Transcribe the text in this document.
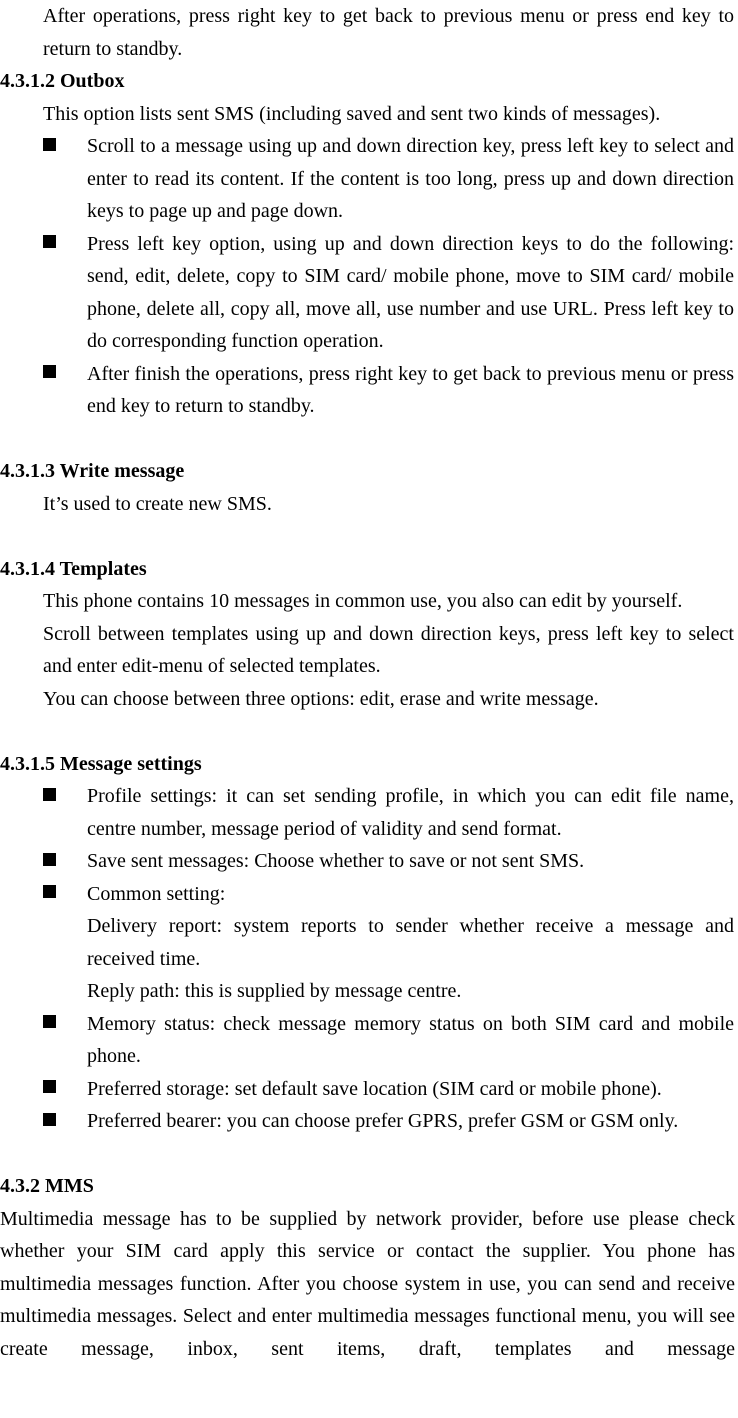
After operations, press right key to get back to previous menu or press end key to return to standby.

4.3.1.2 Outbox

This option lists sent SMS (including saved and sent two kinds of messages).

Scroll to a message using up and down direction key, press left key to select and enter to read its content. If the content is too long, press up and down direction keys to page up and page down.

Press left key option, using up and down direction keys to do the following: send, edit, delete, copy to SIM card/ mobile phone, move to SIM card/ mobile phone, delete all, copy all, move all, use number and use URL. Press left key to do corresponding function operation.

After finish the operations, press right key to get back to previous menu or press end key to return to standby.

4.3.1.3 Write message

It’s used to create new SMS.

4.3.1.4 Templates

This phone contains 10 messages in common use, you also can edit by yourself.

Scroll between templates using up and down direction keys, press left key to select and enter edit-menu of selected templates.

You can choose between three options: edit, erase and write message.

4.3.1.5 Message settings

Profile settings: it can set sending profile, in which you can edit file name, centre number, message period of validity and send format.

Save sent messages: Choose whether to save or not sent SMS.

Common setting:

Delivery report: system reports to sender whether receive a message and received time.

Reply path: this is supplied by message centre.

Memory status: check message memory status on both SIM card and mobile phone.

Preferred storage: set default save location (SIM card or mobile phone).

Preferred bearer: you can choose prefer GPRS, prefer GSM or GSM only.

4.3.2 MMS

Multimedia message has to be supplied by network provider, before use please check whether your SIM card apply this service or contact the supplier. You phone has multimedia messages function. After you choose system in use, you can send and receive multimedia messages. Select and enter multimedia messages functional menu, you will see create message, inbox, sent items, draft, templates and message
